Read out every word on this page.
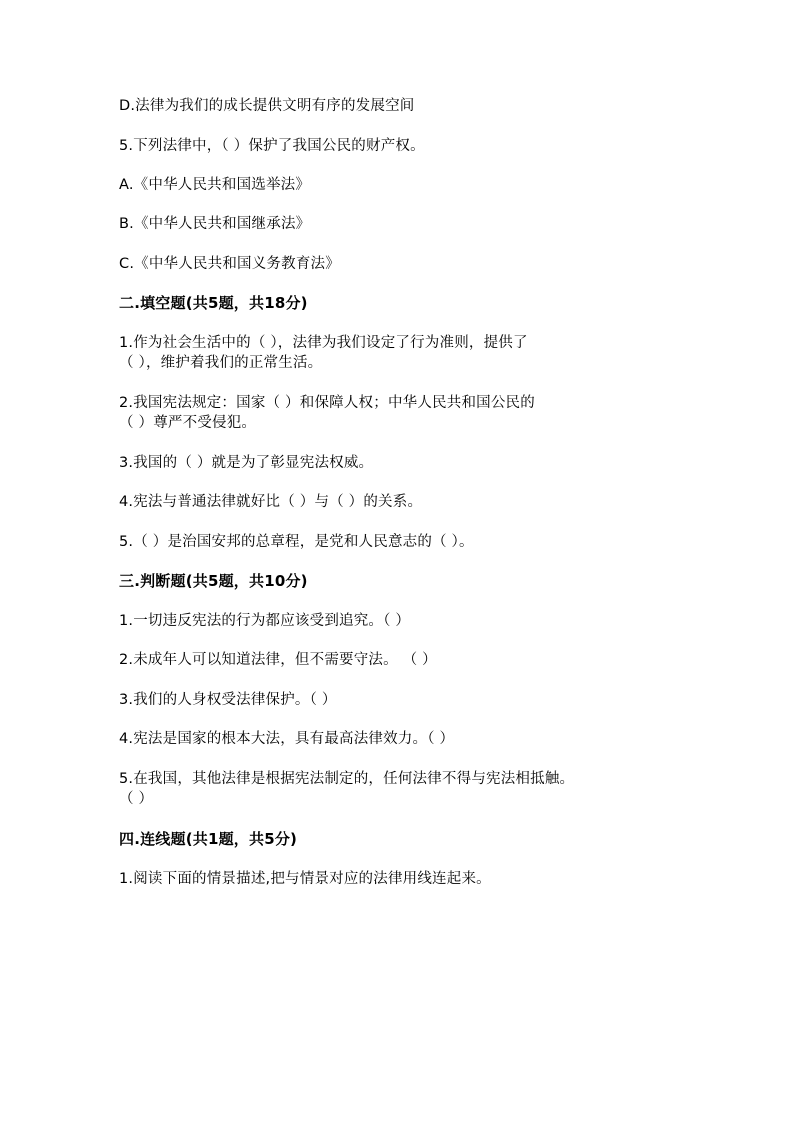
D.法律为我们的成长提供文明有序的发展空间
5.下列法律中，（ ）保护了我国公民的财产权。
A.《中华人民共和国选举法》
B.《中华人民共和国继承法》
C.《中华人民共和国义务教育法》
二.填空题(共5题，共18分)
1.作为社会生活中的（ ），法律为我们设定了行为准则，提供了
（ ），维护着我们的正常生活。
2.我国宪法规定：国家（ ）和保障人权；中华人民共和国公民的
（ ）尊严不受侵犯。
3.我国的（ ）就是为了彰显宪法权威。
4.宪法与普通法律就好比（ ）与（ ）的关系。
5.（ ）是治国安邦的总章程，是党和人民意志的（ ）。
三.判断题(共5题，共10分)
1.一切违反宪法的行为都应该受到追究。（ ）
2.未成年人可以知道法律，但不需要守法。 （ ）
3.我们的人身权受法律保护。（ ）
4.宪法是国家的根本大法，具有最高法律效力。（ ）
5.在我国，其他法律是根据宪法制定的，任何法律不得与宪法相抵触。
（ ）
四.连线题(共1题，共5分)
1.阅读下面的情景描述,把与情景对应的法律用线连起来。
